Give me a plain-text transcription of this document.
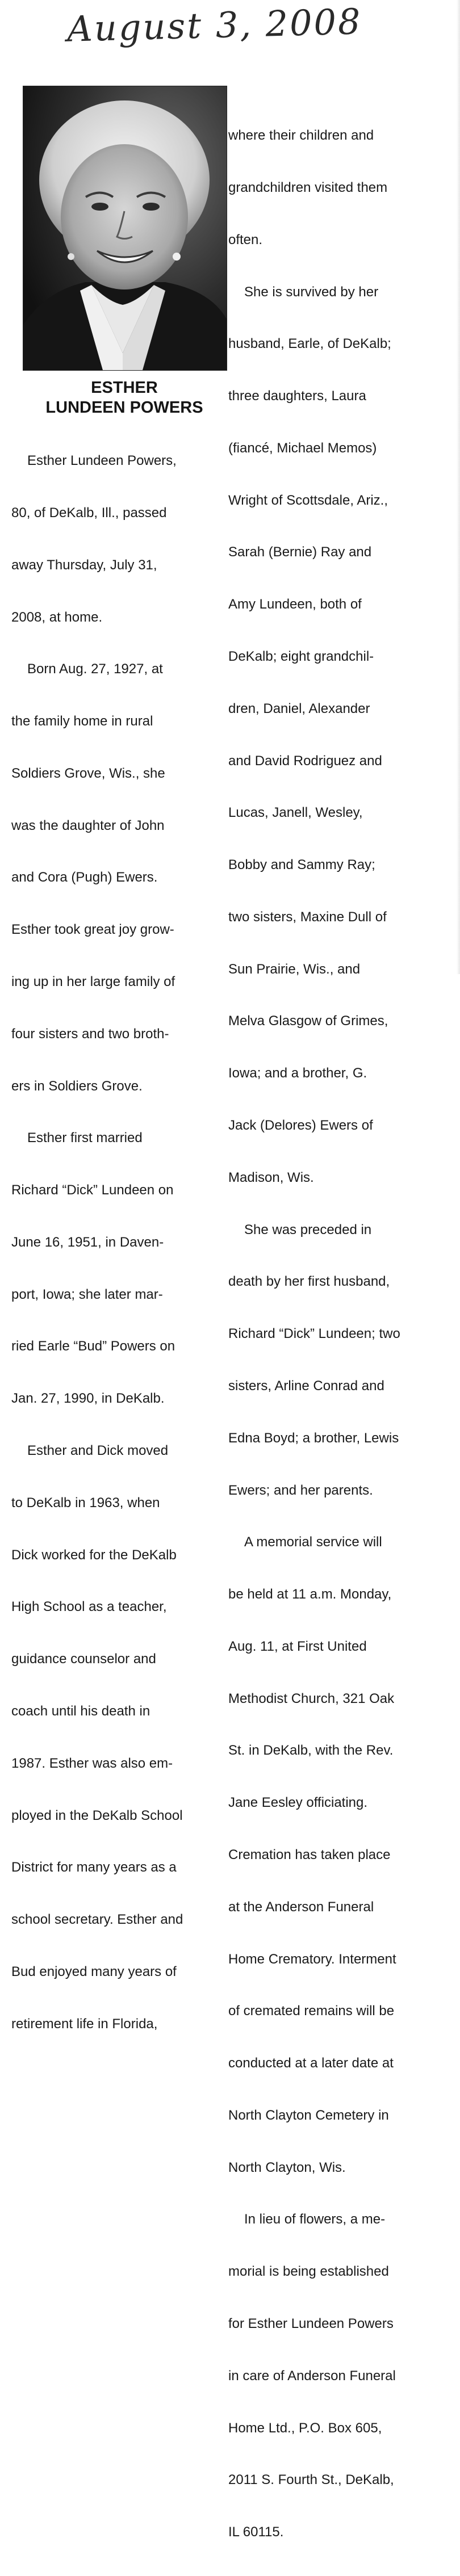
August 3, 2008
ESTHER
LUNDEEN POWERS

Esther Lundeen Powers,

80, of DeKalb, Ill., passed

away Thursday, July 31,

2008, at home.

Born Aug. 27, 1927, at

the family home in rural

Soldiers Grove, Wis., she

was the daughter of John

and Cora (Pugh) Ewers.

Esther took great joy grow-

ing up in her large family of

four sisters and two broth-

ers in Soldiers Grove.

Esther first married

Richard “Dick” Lundeen on

June 16, 1951, in Daven-

port, Iowa; she later mar-

ried Earle “Bud” Powers on

Jan. 27, 1990, in DeKalb.

Esther and Dick moved

to DeKalb in 1963, when

Dick worked for the DeKalb

High School as a teacher,

guidance counselor and

coach until his death in

1987. Esther was also em-

ployed in the DeKalb School

District for many years as a

school secretary. Esther and

Bud enjoyed many years of

retirement life in Florida,

where their children and

grandchildren visited them

often.

She is survived by her

husband, Earle, of DeKalb;

three daughters, Laura

(fiancé, Michael Memos)

Wright of Scottsdale, Ariz.,

Sarah (Bernie) Ray and

Amy Lundeen, both of

DeKalb; eight grandchil-

dren, Daniel, Alexander

and David Rodriguez and

Lucas, Janell, Wesley,

Bobby and Sammy Ray;

two sisters, Maxine Dull of

Sun Prairie, Wis., and

Melva Glasgow of Grimes,

Iowa; and a brother, G.

Jack (Delores) Ewers of

Madison, Wis.

She was preceded in

death by her first husband,

Richard “Dick” Lundeen; two

sisters, Arline Conrad and

Edna Boyd; a brother, Lewis

Ewers; and her parents.

A memorial service will

be held at 11 a.m. Monday,

Aug. 11, at First United

Methodist Church, 321 Oak

St. in DeKalb, with the Rev.

Jane Eesley officiating.

Cremation has taken place

at the Anderson Funeral

Home Crematory. Interment

of cremated remains will be

conducted at a later date at

North Clayton Cemetery in

North Clayton, Wis.

In lieu of flowers, a me-

morial is being established

for Esther Lundeen Powers

in care of Anderson Funeral

Home Ltd., P.O. Box 605,

2011 S. Fourth St., DeKalb,

IL 60115.
